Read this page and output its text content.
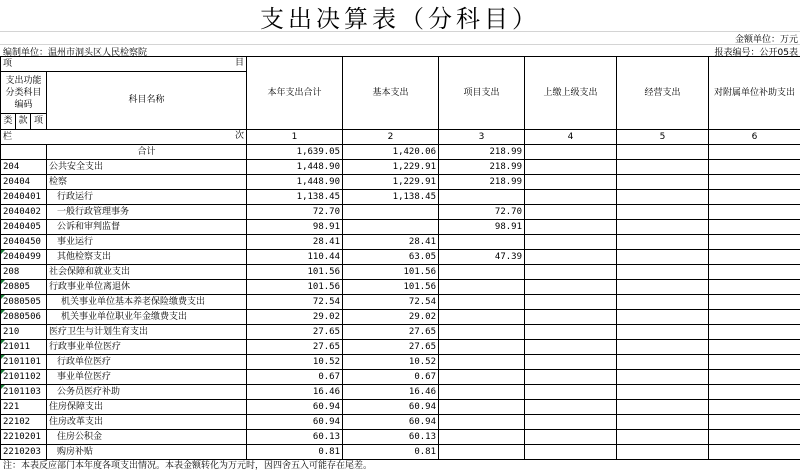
支出决算表（分科目）
金额单位：万元
编制单位：温州市洞头区人民检察院	报表编号：公开05表
项 目				本年支出合计	基本支出	项目支出	上缴上级支出	经营支出	对附属单位补助支出
支出功能分类科目编码			科目名称						
类	款	项							
栏 次				1	2	3	4	5	6
			合计	1,639.05	1,420.06	218.99			
204			公共安全支出	1,448.90	1,229.91	218.99			
20404			检察	1,448.90	1,229.91	218.99			
2040401			行政运行	1,138.45	1,138.45				
2040402			一般行政管理事务	72.70		72.70			
2040405			公诉和审判监督	98.91		98.91			
2040450			事业运行	28.41	28.41				
2040499			其他检察支出	110.44	63.05	47.39			
208			社会保障和就业支出	101.56	101.56				
20805			行政事业单位离退休	101.56	101.56				
2080505			机关事业单位基本养老保险缴费支出	72.54	72.54				
2080506			机关事业单位职业年金缴费支出	29.02	29.02				
210			医疗卫生与计划生育支出	27.65	27.65				
21011			行政事业单位医疗	27.65	27.65				
2101101			行政单位医疗	10.52	10.52				
2101102			事业单位医疗	0.67	0.67				
2101103			公务员医疗补助	16.46	16.46				
221			住房保障支出	60.94	60.94				
22102			住房改革支出	60.94	60.94				
2210201			住房公积金	60.13	60.13				
2210203			购房补贴	0.81	0.81				
注：本表反应部门本年度各项支出情况。本表金额转化为万元时，因四舍五入可能存在尾差。
